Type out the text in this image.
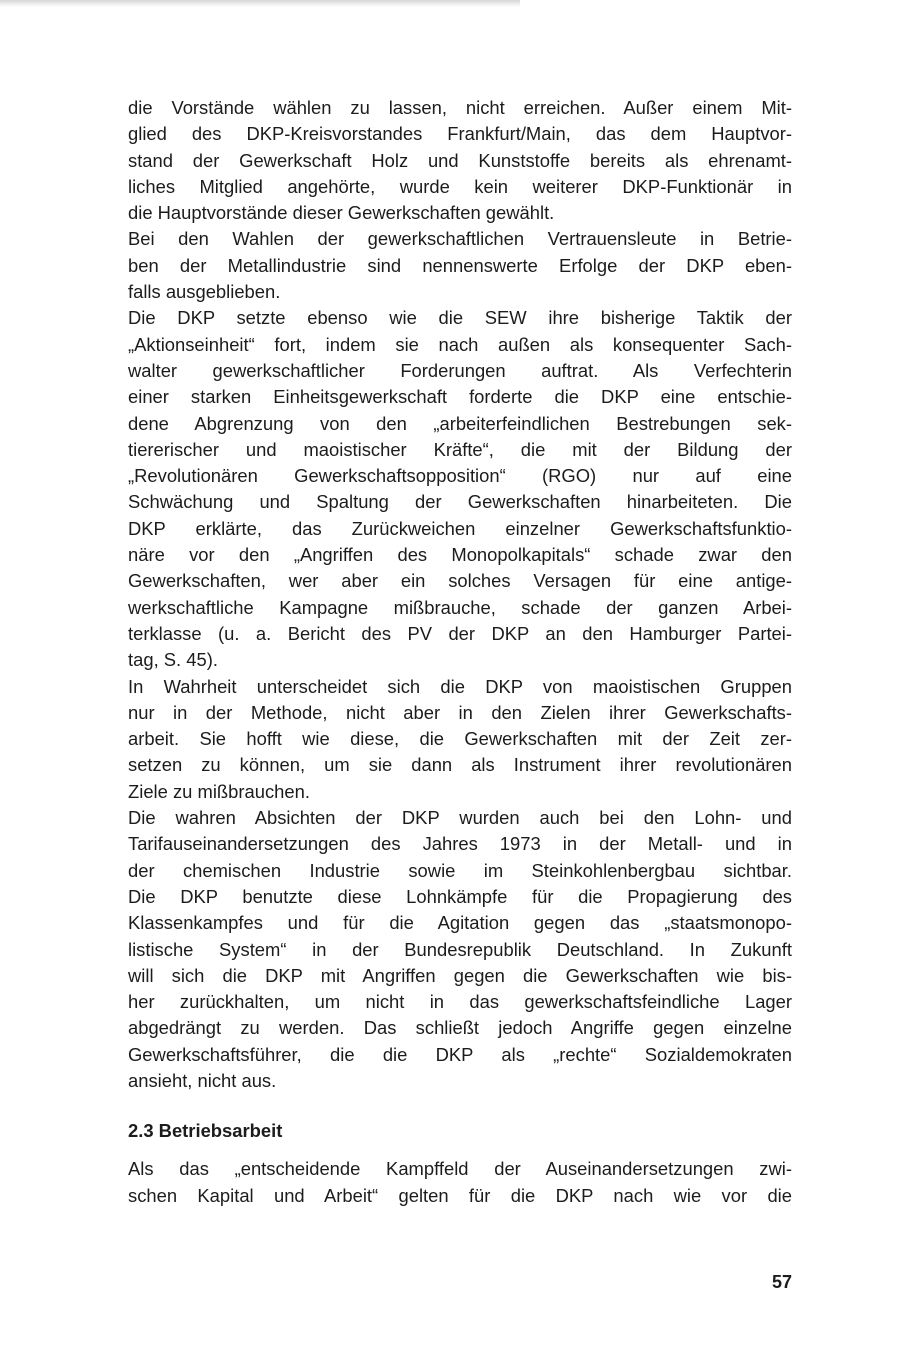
die Vorstände wählen zu lassen, nicht erreichen. Außer einem Mit-
glied des DKP-Kreisvorstandes Frankfurt/Main, das dem Hauptvor-
stand der Gewerkschaft Holz und Kunststoffe bereits als ehrenamt-
liches Mitglied angehörte, wurde kein weiterer DKP-Funktionär in
die Hauptvorstände dieser Gewerkschaften gewählt.
Bei den Wahlen der gewerkschaftlichen Vertrauensleute in Betrie-
ben der Metallindustrie sind nennenswerte Erfolge der DKP eben-
falls ausgeblieben.
Die DKP setzte ebenso wie die SEW ihre bisherige Taktik der
„Aktionseinheit“ fort, indem sie nach außen als konsequenter Sach-
walter gewerkschaftlicher Forderungen auftrat. Als Verfechterin
einer starken Einheitsgewerkschaft forderte die DKP eine entschie-
dene Abgrenzung von den „arbeiterfeindlichen Bestrebungen sek-
tiererischer und maoistischer Kräfte“, die mit der Bildung der
„Revolutionären Gewerkschaftsopposition“ (RGO) nur auf eine
Schwächung und Spaltung der Gewerkschaften hinarbeiteten. Die
DKP erklärte, das Zurückweichen einzelner Gewerkschaftsfunktio-
näre vor den „Angriffen des Monopolkapitals“ schade zwar den
Gewerkschaften, wer aber ein solches Versagen für eine antige-
werkschaftliche Kampagne mißbrauche, schade der ganzen Arbei-
terklasse (u. a. Bericht des PV der DKP an den Hamburger Partei-
tag, S. 45).
In Wahrheit unterscheidet sich die DKP von maoistischen Gruppen
nur in der Methode, nicht aber in den Zielen ihrer Gewerkschafts-
arbeit. Sie hofft wie diese, die Gewerkschaften mit der Zeit zer-
setzen zu können, um sie dann als Instrument ihrer revolutionären
Ziele zu mißbrauchen.
Die wahren Absichten der DKP wurden auch bei den Lohn- und
Tarifauseinandersetzungen des Jahres 1973 in der Metall- und in
der chemischen Industrie sowie im Steinkohlenbergbau sichtbar.
Die DKP benutzte diese Lohnkämpfe für die Propagierung des
Klassenkampfes und für die Agitation gegen das „staatsmonopo-
listische System“ in der Bundesrepublik Deutschland. In Zukunft
will sich die DKP mit Angriffen gegen die Gewerkschaften wie bis-
her zurückhalten, um nicht in das gewerkschaftsfeindliche Lager
abgedrängt zu werden. Das schließt jedoch Angriffe gegen einzelne
Gewerkschaftsführer, die die DKP als „rechte“ Sozialdemokraten
ansieht, nicht aus.
2.3 Betriebsarbeit
Als das „entscheidende Kampffeld der Auseinandersetzungen zwi-
schen Kapital und Arbeit“ gelten für die DKP nach wie vor die
57
